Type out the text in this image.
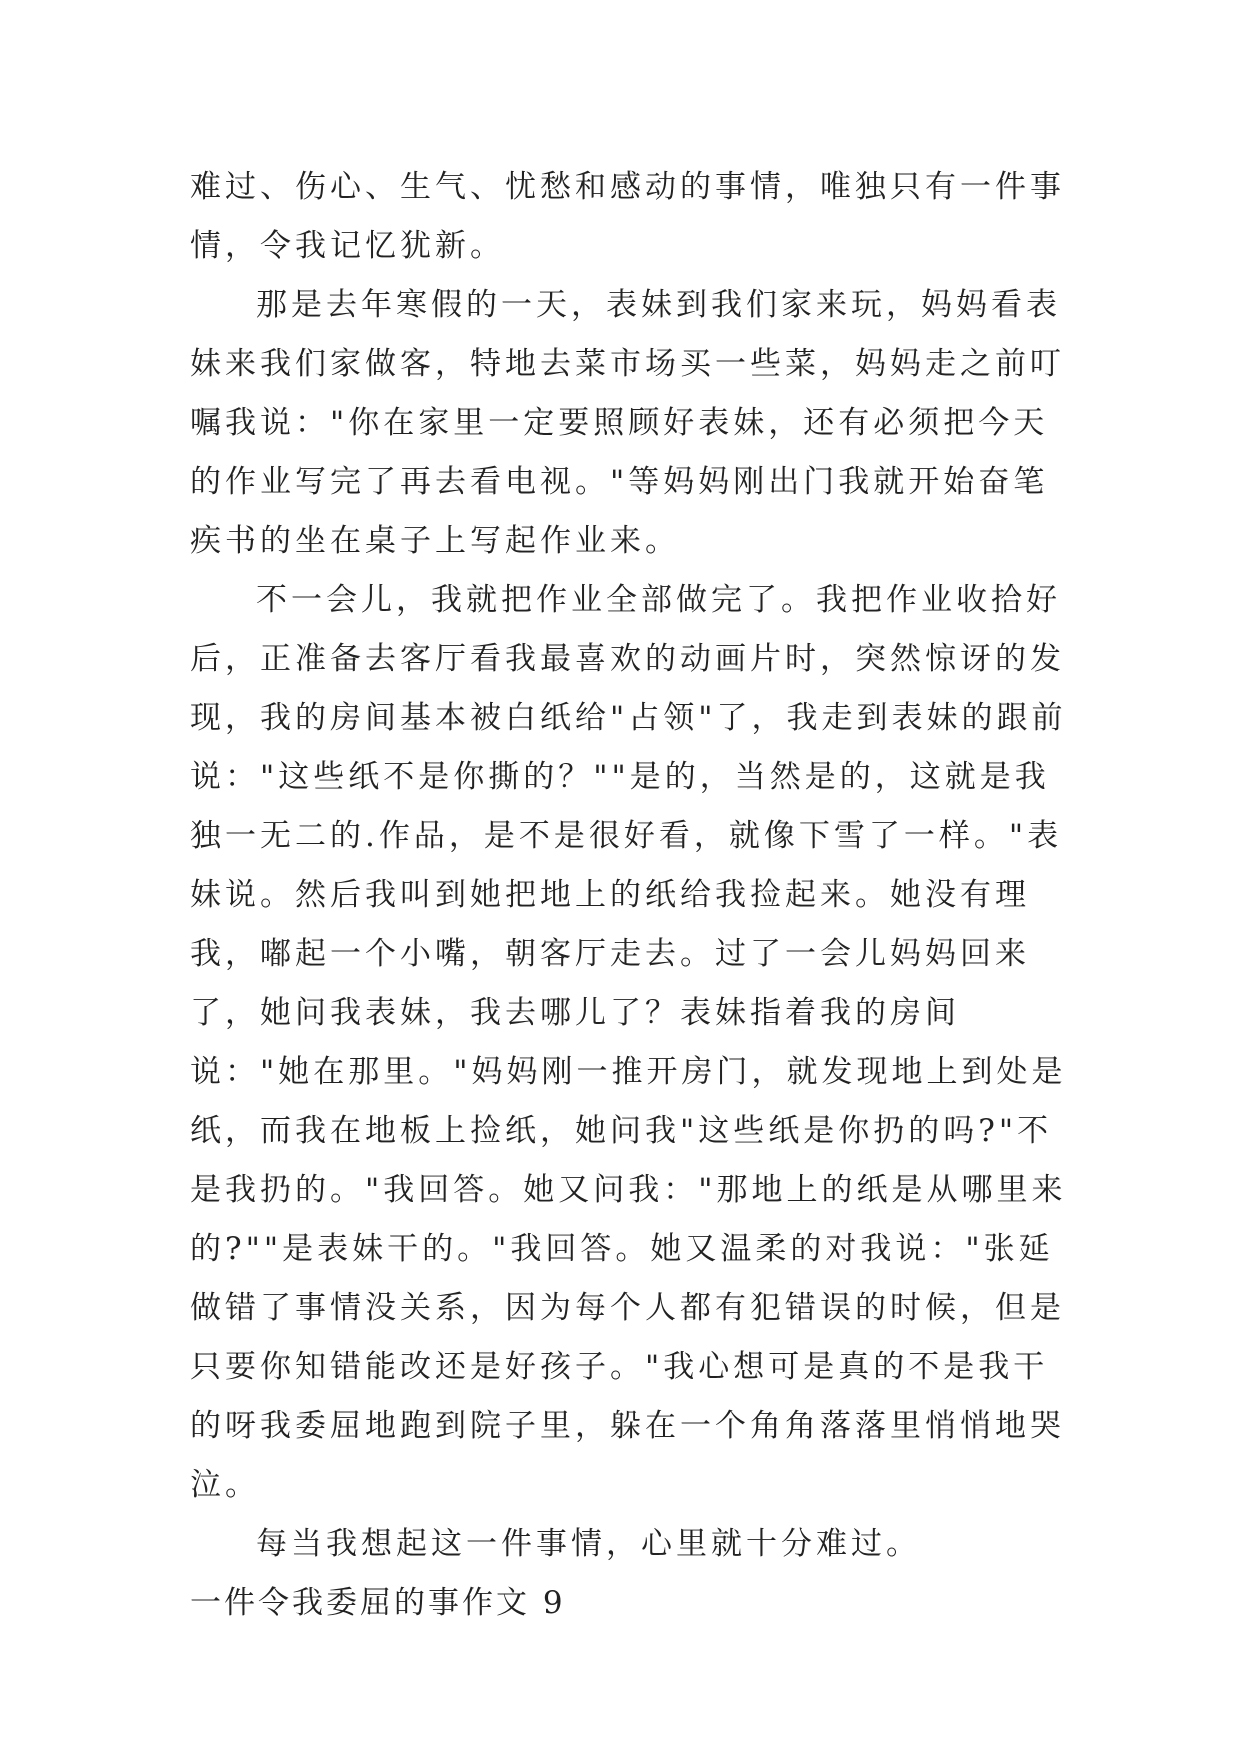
难过、伤心、生气、忧愁和感动的事情，唯独只有一件事情，令我记忆犹新。

那是去年寒假的一天，表妹到我们家来玩，妈妈看表妹来我们家做客，特地去菜市场买一些菜，妈妈走之前叮嘱我说："你在家里一定要照顾好表妹，还有必须把今天的作业写完了再去看电视。"等妈妈刚出门我就开始奋笔疾书的坐在桌子上写起作业来。

不一会儿，我就把作业全部做完了。我把作业收拾好后，正准备去客厅看我最喜欢的动画片时，突然惊讶的发现，我的房间基本被白纸给"占领"了，我走到表妹的跟前说："这些纸不是你撕的？""是的，当然是的，这就是我独一无二的.作品，是不是很好看，就像下雪了一样。"表妹说。然后我叫到她把地上的纸给我捡起来。她没有理我，嘟起一个小嘴，朝客厅走去。过了一会儿妈妈回来了，她问我表妹，我去哪儿了？表妹指着我的房间说："她在那里。"妈妈刚一推开房门，就发现地上到处是纸，而我在地板上捡纸，她问我"这些纸是你扔的吗?"不是我扔的。"我回答。她又问我："那地上的纸是从哪里来的?""是表妹干的。"我回答。她又温柔的对我说："张延做错了事情没关系，因为每个人都有犯错误的时候，但是只要你知错能改还是好孩子。"我心想可是真的不是我干的呀我委屈地跑到院子里，躲在一个角角落落里悄悄地哭泣。

每当我想起这一件事情，心里就十分难过。

一件令我委屈的事作文 9
